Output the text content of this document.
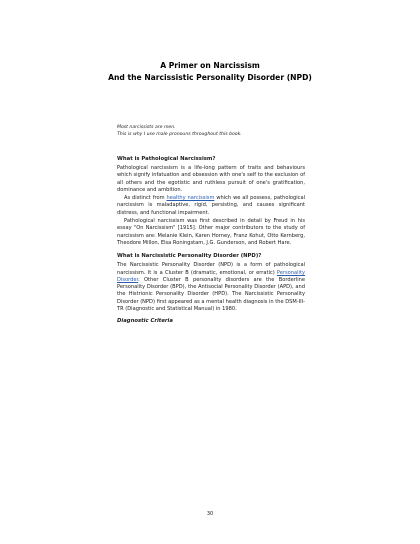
A Primer on Narcissism
And the Narcissistic Personality Disorder (NPD)
Most narcissists are men.
This is why I use male pronouns throughout this book.
What is Pathological Narcissism?
Pathological narcissism is a life-long pattern of traits and behaviours which signify infatuation and obsession with one's self to the exclusion of all others and the egotistic and ruthless pursuit of one's gratification, dominance and ambition.
As distinct from healthy narcissism which we all possess, pathological narcissism is maladaptive, rigid, persisting, and causes significant distress, and functional impairment.
Pathological narcissism was first described in detail by Freud in his essay "On Narcissism" [1915]. Other major contributors to the study of narcissism are: Melanie Klein, Karen Horney, Franz Kohut, Otto Kernberg, Theodore Millon, Elsa Roningstam, J.G. Gunderson, and Robert Hare.
What is Narcissistic Personality Disorder (NPD)?
The Narcissistic Personality Disorder (NPD) is a form of pathological narcissism. It is a Cluster B (dramatic, emotional, or erratic) Personality Disorder. Other Cluster B personality disorders are the Borderline Personality Disorder (BPD), the Antisocial Personality Disorder (APD), and the Histrionic Personality Disorder (HPD). The Narcissistic Personality Disorder (NPD) first appeared as a mental health diagnosis in the DSM-III-TR (Diagnostic and Statistical Manual) in 1980.
Diagnostic Criteria
30
